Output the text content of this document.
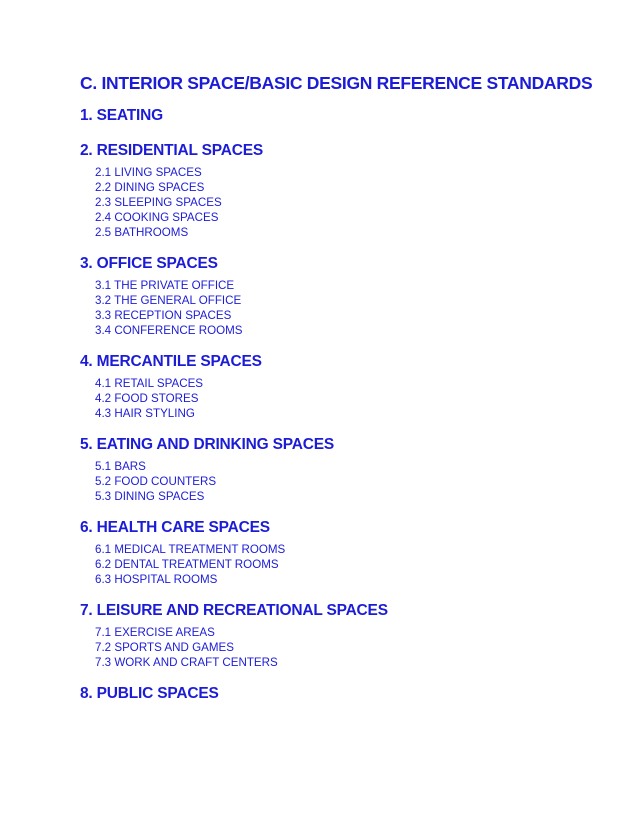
C. INTERIOR SPACE/BASIC DESIGN REFERENCE STANDARDS
1. SEATING
2. RESIDENTIAL SPACES
2.1 LIVING SPACES
2.2 DINING SPACES
2.3 SLEEPING SPACES
2.4 COOKING SPACES
2.5 BATHROOMS
3. OFFICE SPACES
3.1 THE PRIVATE OFFICE
3.2 THE GENERAL OFFICE
3.3 RECEPTION SPACES
3.4 CONFERENCE ROOMS
4. MERCANTILE SPACES
4.1 RETAIL SPACES
4.2 FOOD STORES
4.3 HAIR STYLING
5. EATING AND DRINKING SPACES
5.1 BARS
5.2 FOOD COUNTERS
5.3 DINING SPACES
6. HEALTH CARE SPACES
6.1 MEDICAL TREATMENT ROOMS
6.2 DENTAL TREATMENT ROOMS
6.3 HOSPITAL ROOMS
7. LEISURE AND RECREATIONAL SPACES
7.1 EXERCISE AREAS
7.2 SPORTS AND GAMES
7.3 WORK AND CRAFT CENTERS
8. PUBLIC SPACES
